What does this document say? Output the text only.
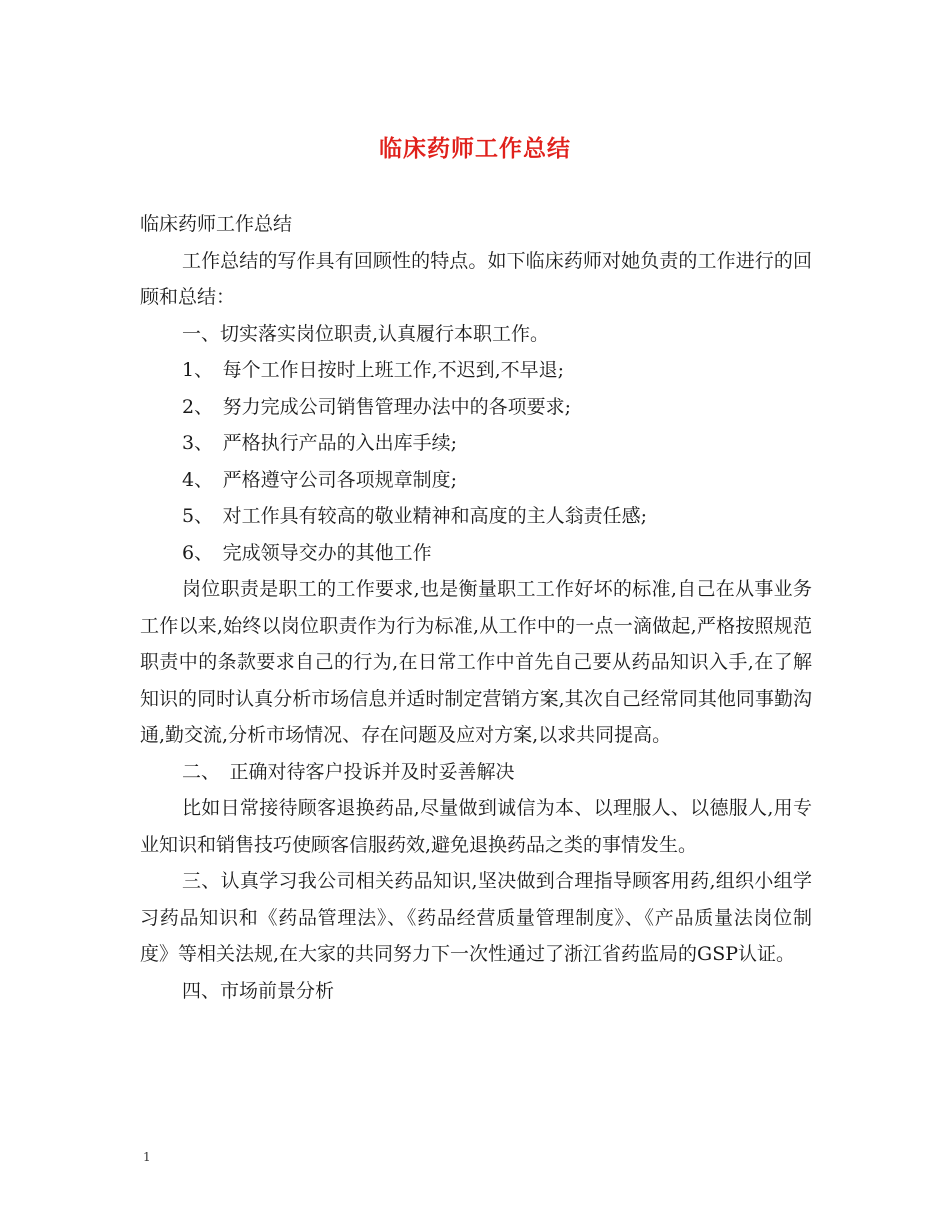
临床药师工作总结

临床药师工作总结

工作总结的写作具有回顾性的特点。如下临床药师对她负责的工作进行的回顾和总结：

一、切实落实岗位职责,认真履行本职工作。

1、　每个工作日按时上班工作,不迟到,不早退;

2、　努力完成公司销售管理办法中的各项要求;

3、　严格执行产品的入出库手续;

4、　严格遵守公司各项规章制度;

5、　对工作具有较高的敬业精神和高度的主人翁责任感;

6、　完成领导交办的其他工作

岗位职责是职工的工作要求,也是衡量职工工作好坏的标准,自己在从事业务工作以来,始终以岗位职责作为行为标准,从工作中的一点一滴做起,严格按照规范职责中的条款要求自己的行为,在日常工作中首先自己要从药品知识入手,在了解知识的同时认真分析市场信息并适时制定营销方案,其次自己经常同其他同事勤沟通,勤交流,分析市场情况、存在问题及应对方案,以求共同提高。

二、　正确对待客户投诉并及时妥善解决

比如日常接待顾客退换药品,尽量做到诚信为本、以理服人、以德服人,用专业知识和销售技巧使顾客信服药效,避免退换药品之类的事情发生。

三、认真学习我公司相关药品知识,坚决做到合理指导顾客用药,组织小组学习药品知识和《药品管理法》、《药品经营质量管理制度》、《产品质量法岗位制度》等相关法规,在大家的共同努力下一次性通过了浙江省药监局的GSP认证。

四、市场前景分析

1
